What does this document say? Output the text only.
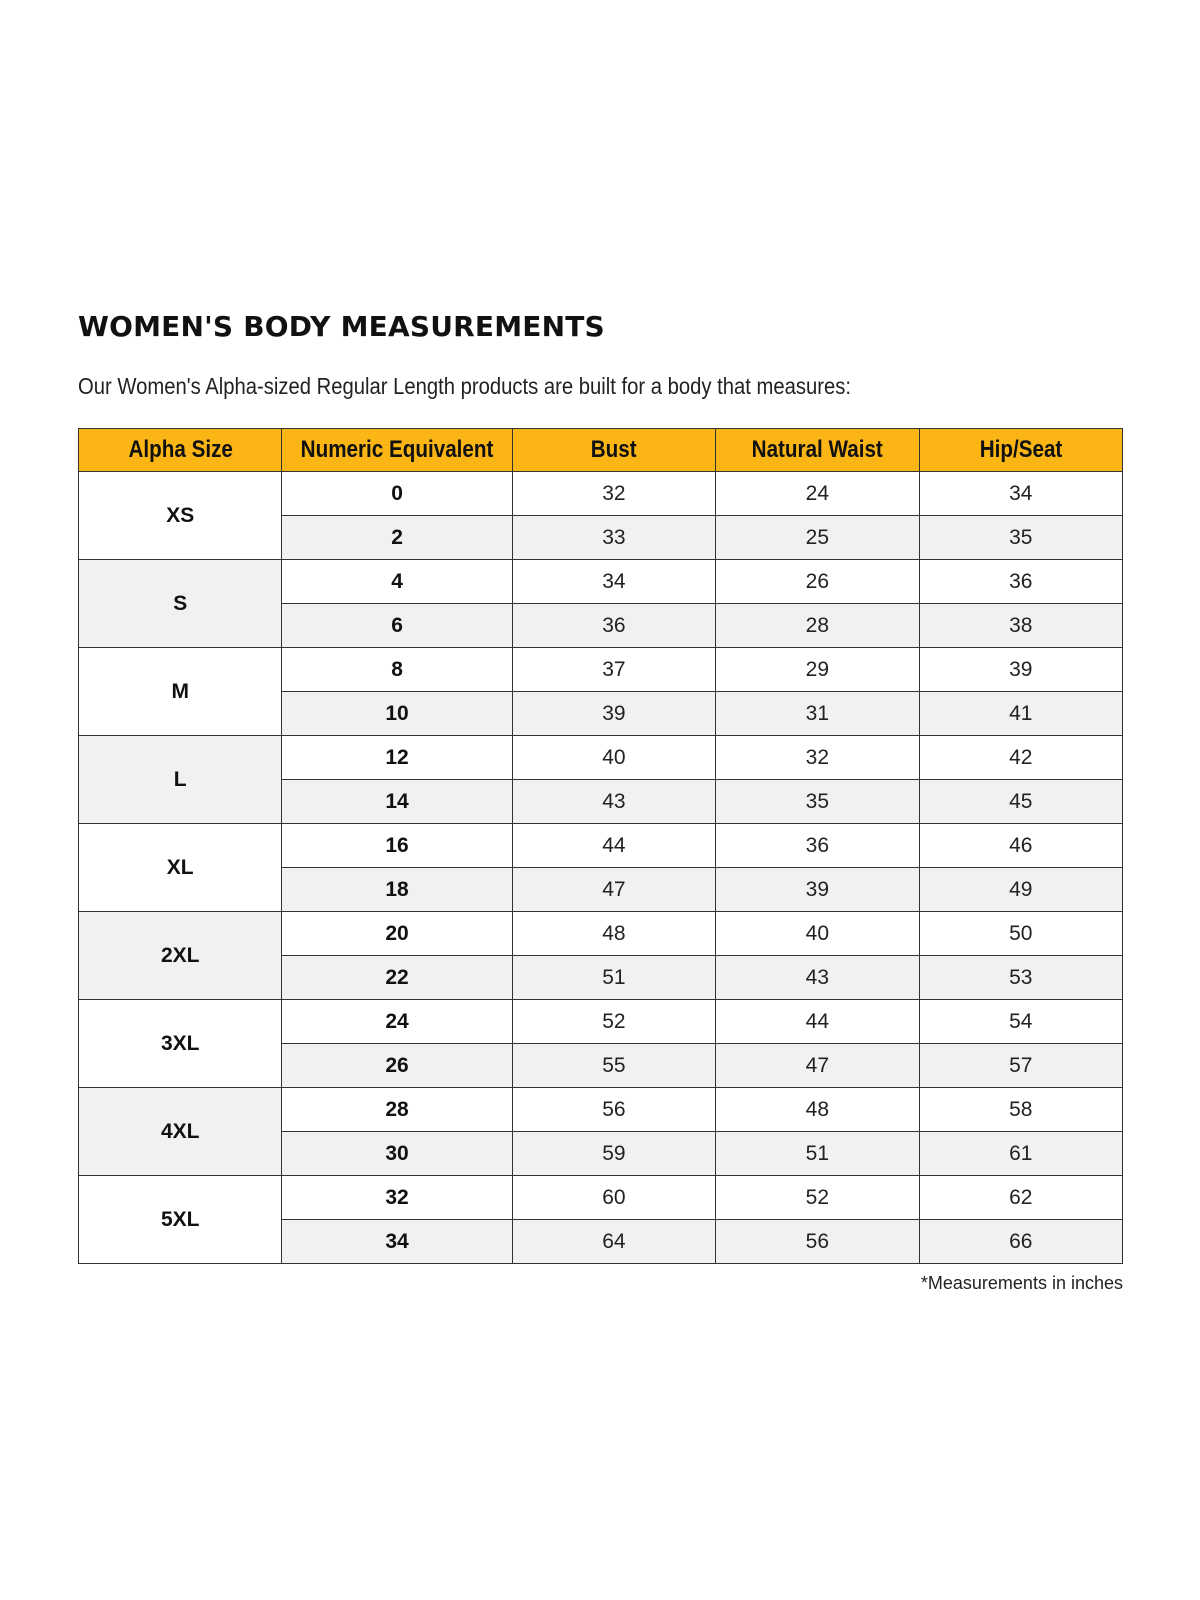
WOMEN'S BODY MEASUREMENTS

Our Women's Alpha-sized Regular Length products are built for a body that measures:

Alpha Size	Numeric Equivalent	Bust	Natural Waist	Hip/Seat
XS	0	32	24	34
	2	33	25	35
S	4	34	26	36
	6	36	28	38
M	8	37	29	39
	10	39	31	41
L	12	40	32	42
	14	43	35	45
XL	16	44	36	46
	18	47	39	49
2XL	20	48	40	50
	22	51	43	53
3XL	24	52	44	54
	26	55	47	57
4XL	28	56	48	58
	30	59	51	61
5XL	32	60	52	62
	34	64	56	66

*Measurements in inches
